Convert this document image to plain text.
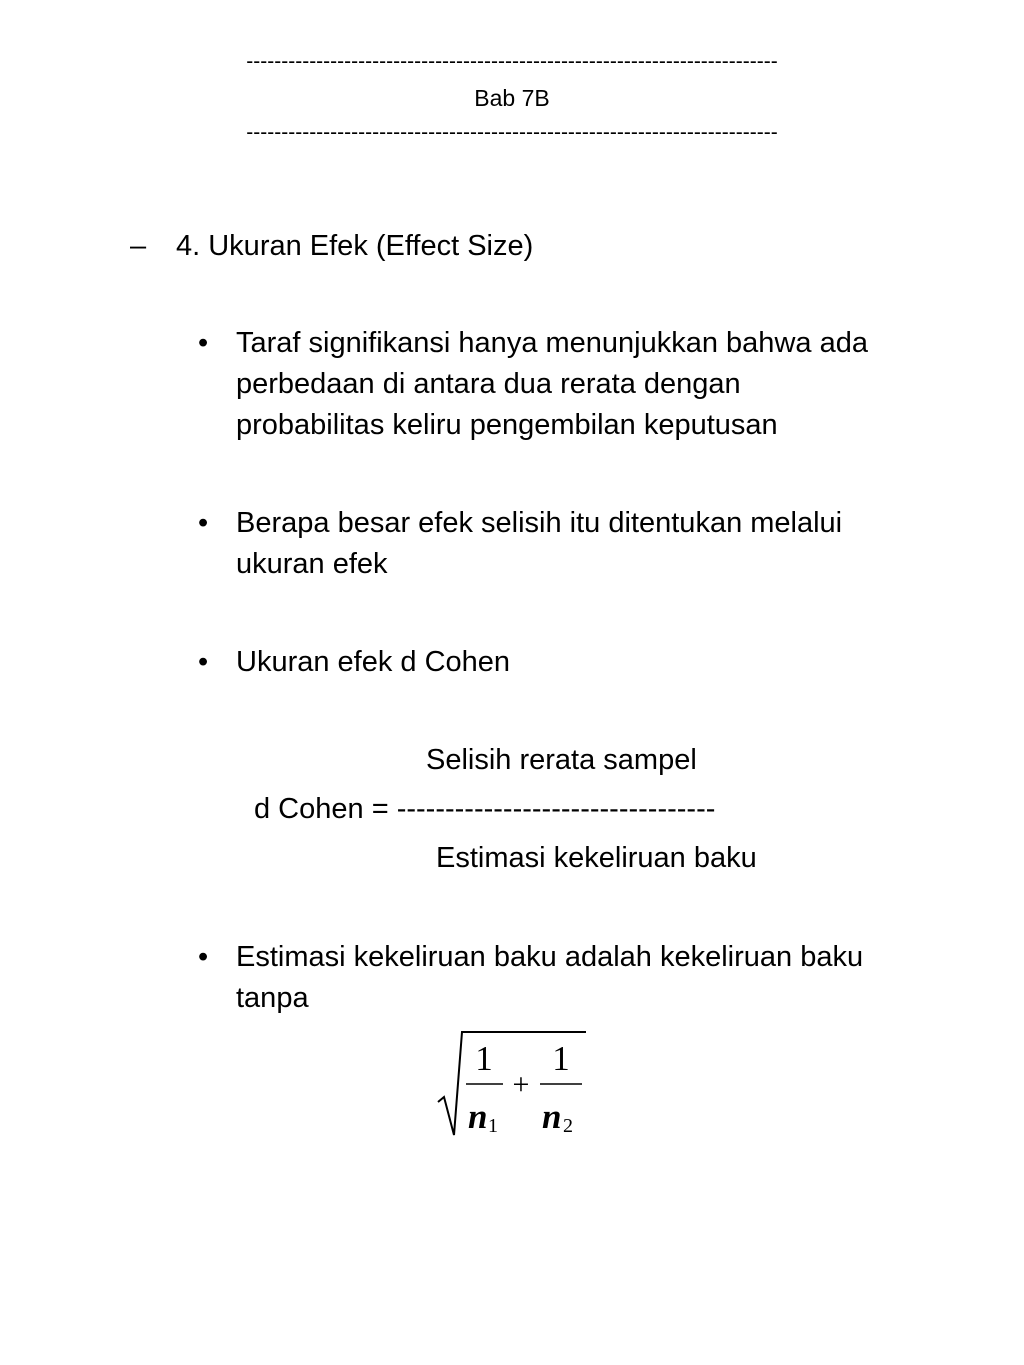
----------------------------------------------------------------------------
Bab 7B
----------------------------------------------------------------------------
– 4. Ukuran Efek (Effect Size)
• Taraf signifikansi hanya menunjukkan bahwa ada
perbedaan di antara dua rerata dengan
probabilitas keliru pengembilan keputusan
• Berapa besar efek selisih itu ditentukan melalui
ukuran efek
• Ukuran efek d Cohen
Selisih rerata sampel
d Cohen = ---------------------------------
Estimasi kekeliruan baku
• Estimasi kekeliruan baku adalah kekeliruan baku
tanpa
1 1
+
n 1 n 2
